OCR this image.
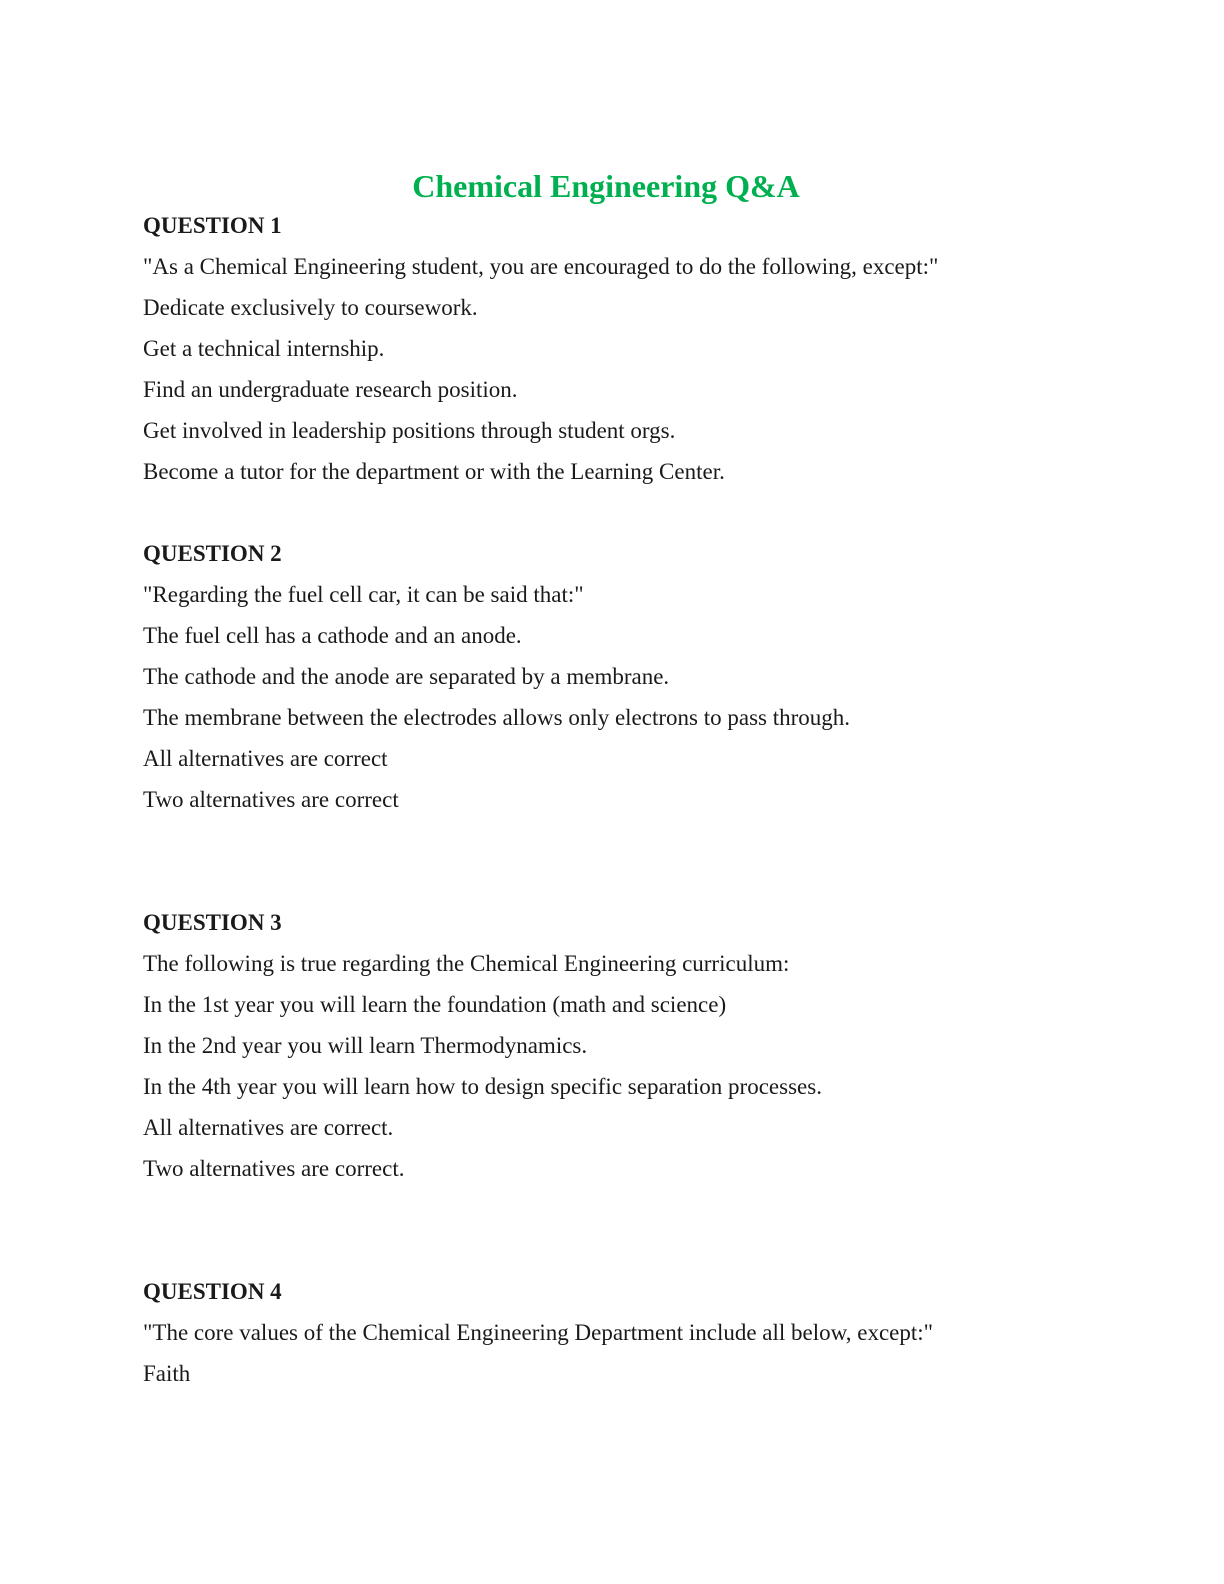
Chemical Engineering Q&A

QUESTION 1

"As a Chemical Engineering student, you are encouraged to do the following, except:"

Dedicate exclusively to coursework.

Get a technical internship.

Find an undergraduate research position.

Get involved in leadership positions through student orgs.

Become a tutor for the department or with the Learning Center.

QUESTION 2

"Regarding the fuel cell car, it can be said that:"

The fuel cell has a cathode and an anode.

The cathode and the anode are separated by a membrane.

The membrane between the electrodes allows only electrons to pass through.

All alternatives are correct

Two alternatives are correct

QUESTION 3

The following is true regarding the Chemical Engineering curriculum:

In the 1st year you will learn the foundation (math and science)

In the 2nd year you will learn Thermodynamics.

In the 4th year you will learn how to design specific separation processes.

All alternatives are correct.

Two alternatives are correct.

QUESTION 4

"The core values of the Chemical Engineering Department include all below, except:"

Faith
